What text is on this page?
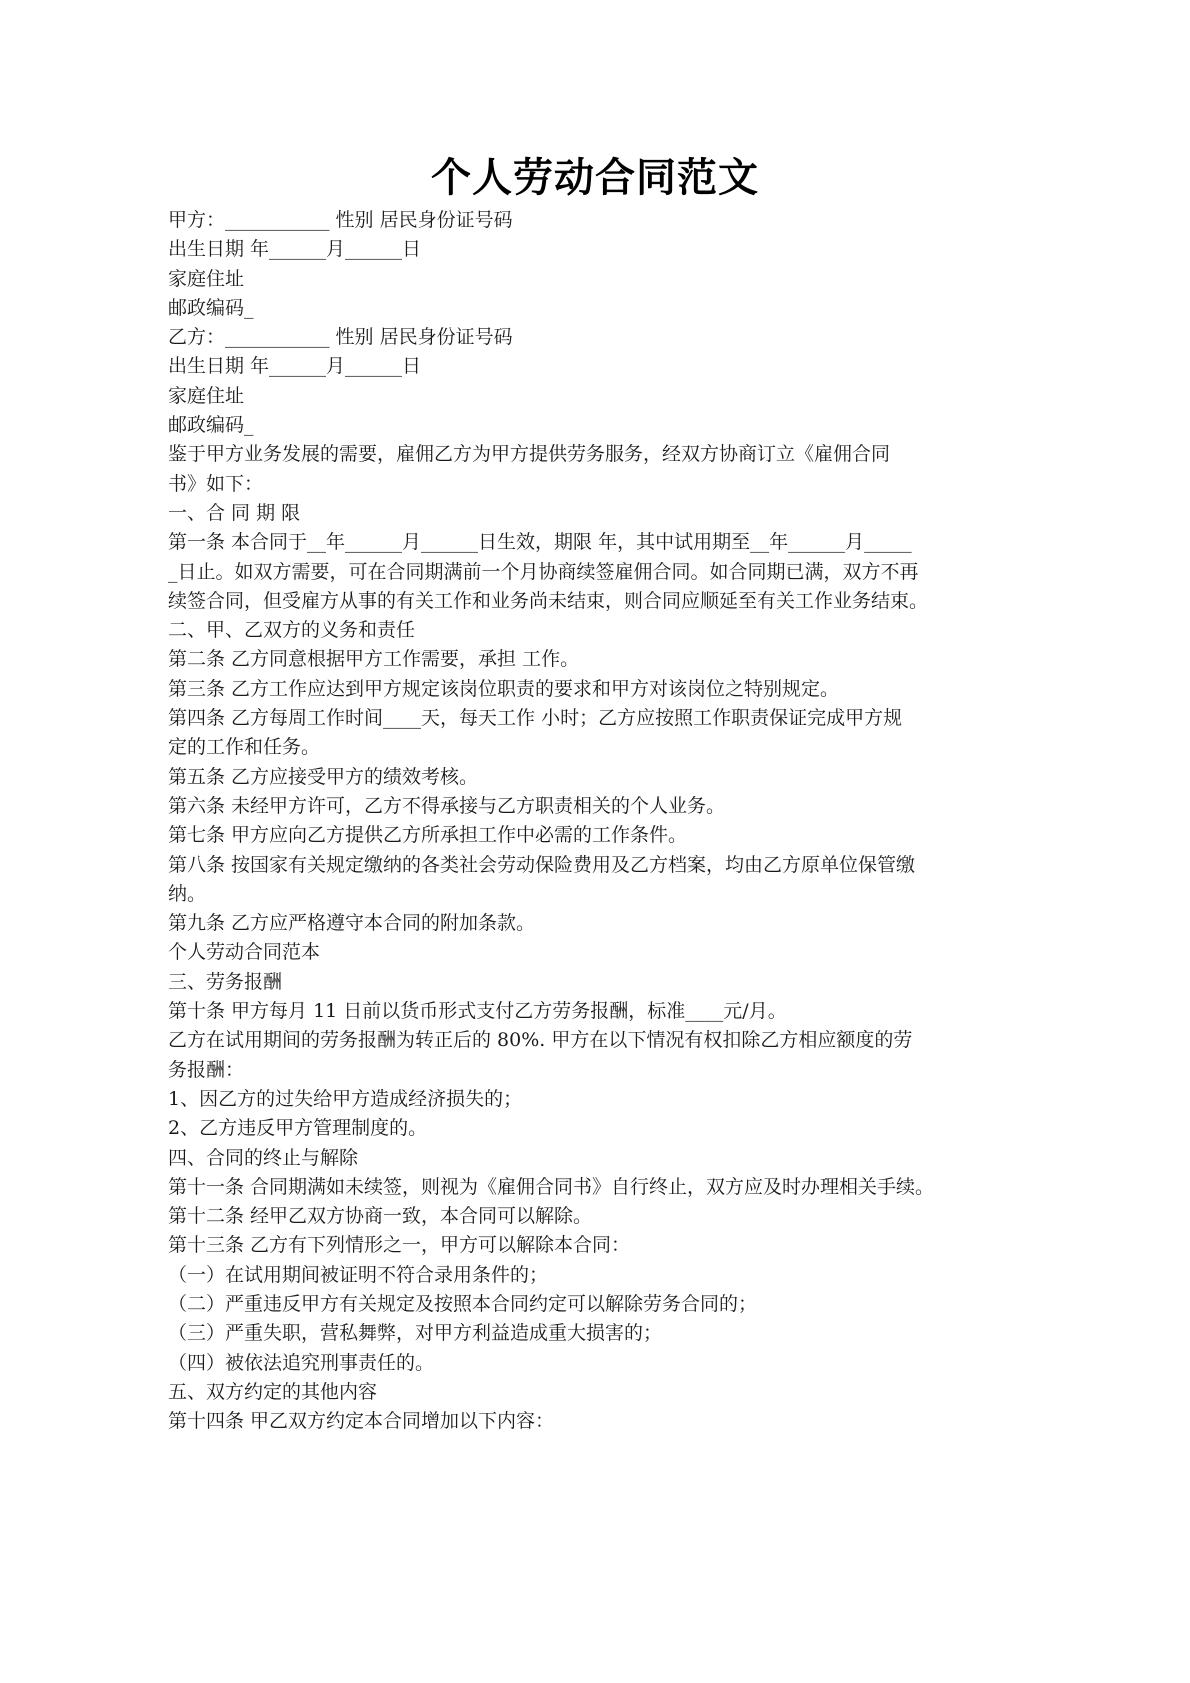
个人劳动合同范文

甲方：___________ 性别 居民身份证号码

出生日期 年______月______日

家庭住址

邮政编码_

乙方：___________ 性别 居民身份证号码

出生日期 年______月______日

家庭住址

邮政编码_

鉴于甲方业务发展的需要，雇佣乙方为甲方提供劳务服务，经双方协商订立《雇佣合同

书》如下：

一、合 同 期 限

第一条 本合同于__年______月______日生效，期限 年，其中试用期至__年______月_____

_日止。如双方需要，可在合同期满前一个月协商续签雇佣合同。如合同期已满，双方不再

续签合同，但受雇方从事的有关工作和业务尚未结束，则合同应顺延至有关工作业务结束。

二、甲、乙双方的义务和责任

第二条 乙方同意根据甲方工作需要，承担 工作。

第三条 乙方工作应达到甲方规定该岗位职责的要求和甲方对该岗位之特别规定。

第四条 乙方每周工作时间____天，每天工作 小时；乙方应按照工作职责保证完成甲方规

定的工作和任务。

第五条 乙方应接受甲方的绩效考核。

第六条 未经甲方许可，乙方不得承接与乙方职责相关的个人业务。

第七条 甲方应向乙方提供乙方所承担工作中必需的工作条件。

第八条 按国家有关规定缴纳的各类社会劳动保险费用及乙方档案，均由乙方原单位保管缴

纳。

第九条 乙方应严格遵守本合同的附加条款。

个人劳动合同范本

三、劳务报酬

第十条 甲方每月 11 日前以货币形式支付乙方劳务报酬，标准____元/月。

乙方在试用期间的劳务报酬为转正后的 80%. 甲方在以下情况有权扣除乙方相应额度的劳

务报酬：

1、因乙方的过失给甲方造成经济损失的；

2、乙方违反甲方管理制度的。

四、合同的终止与解除

第十一条 合同期满如未续签，则视为《雇佣合同书》自行终止，双方应及时办理相关手续。

第十二条 经甲乙双方协商一致，本合同可以解除。

第十三条 乙方有下列情形之一，甲方可以解除本合同：

（一）在试用期间被证明不符合录用条件的；

（二）严重违反甲方有关规定及按照本合同约定可以解除劳务合同的；

（三）严重失职，营私舞弊，对甲方利益造成重大损害的；

（四）被依法追究刑事责任的。

五、双方约定的其他内容

第十四条 甲乙双方约定本合同增加以下内容：
